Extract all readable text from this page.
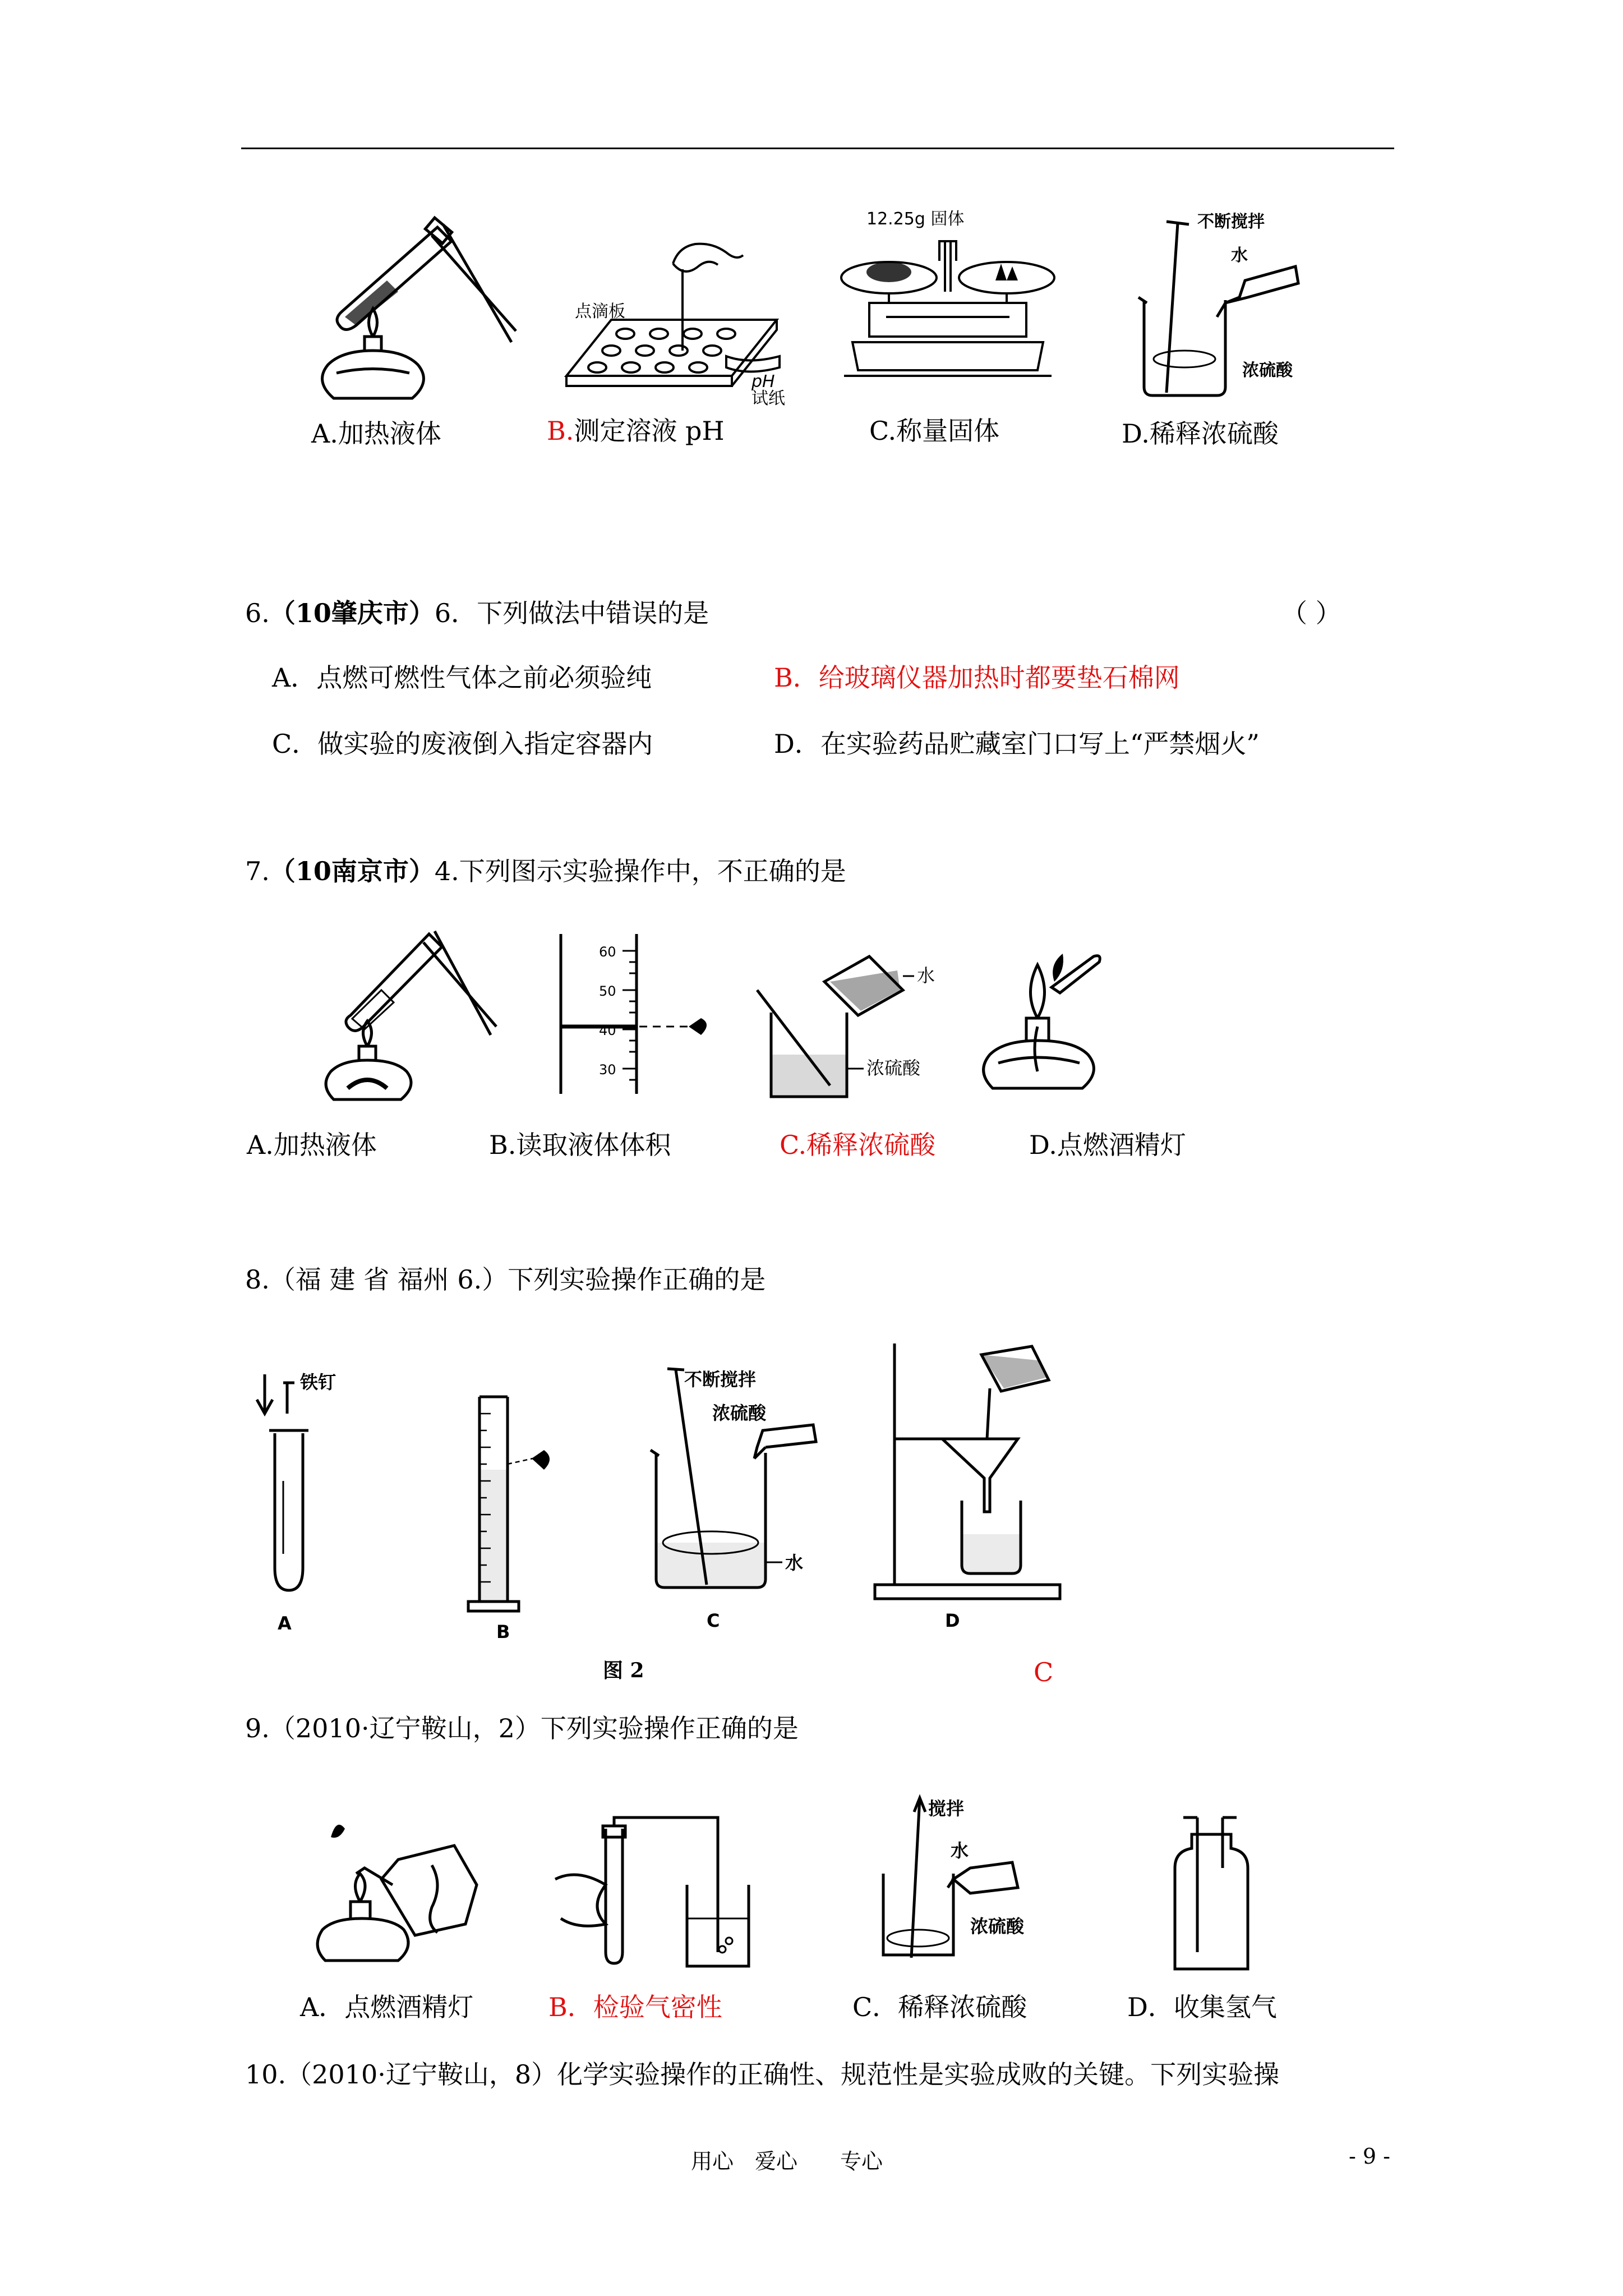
A.加热液体
点滴板
pH
试纸
B.测定溶液 pH
12.25g 固体
C.称量固体
不断搅拌
水
浓硫酸
D.稀释浓硫酸
6.（10肇庆市）6．下列做法中错误的是	（ ）
A．点燃可燃性气体之前必须验纯	B．给玻璃仪器加热时都要垫石棉网
C．做实验的废液倒入指定容器内	D．在实验药品贮藏室门口写上“严禁烟火”
7.（10南京市）4.下列图示实验操作中，不正确的是
A.加热液体
60
50
40
30
B.读取液体体积
水
浓硫酸
C.稀释浓硫酸	D.点燃酒精灯
8.（福 建 省 福州 6.）下列实验操作正确的是
铁钉
A	B
不断搅拌
浓硫酸
水
C	D
图 2	C
9.（2010·辽宁鞍山，2）下列实验操作正确的是
A．点燃酒精灯	B．检验气密性
搅拌
水
浓硫酸
C．稀释浓硫酸	D．收集氢气
10.（2010·辽宁鞍山，8）化学实验操作的正确性、规范性是实验成败的关键。下列实验操
用心　爱心　　专心	- 9 -
